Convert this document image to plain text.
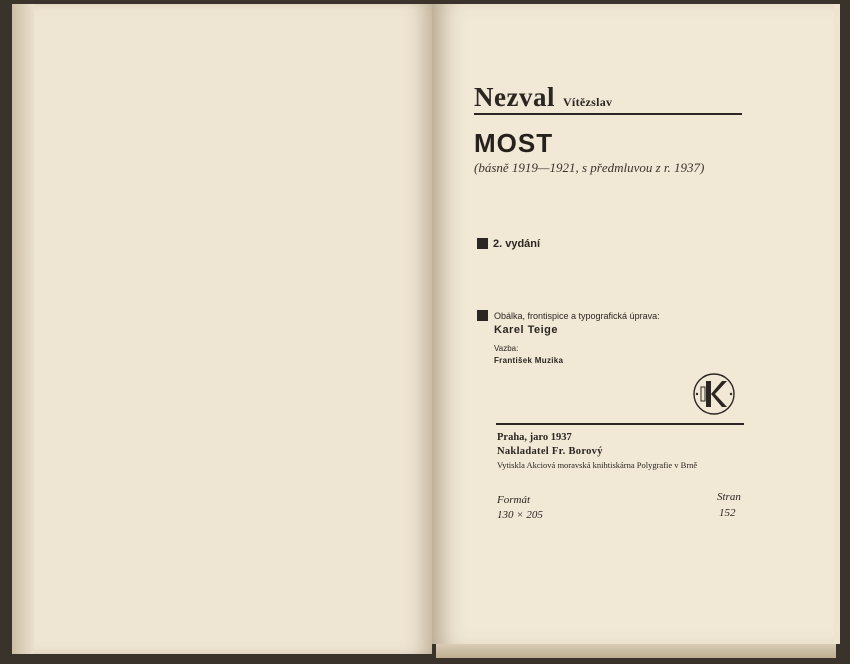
Nezval Vítězslav
MOST
(básně 1919—1921, s předmluvou z r. 1937)
2. vydání
Obálka, frontispice a typografická úprava:
Karel Teige
Vazba:
František Muzika
Praha, jaro 1937
Nakladatel Fr. Borový
Vytiskla Akciová moravská knihtiskárna Polygrafie v Brně
Formát
130 × 205
Stran
152
